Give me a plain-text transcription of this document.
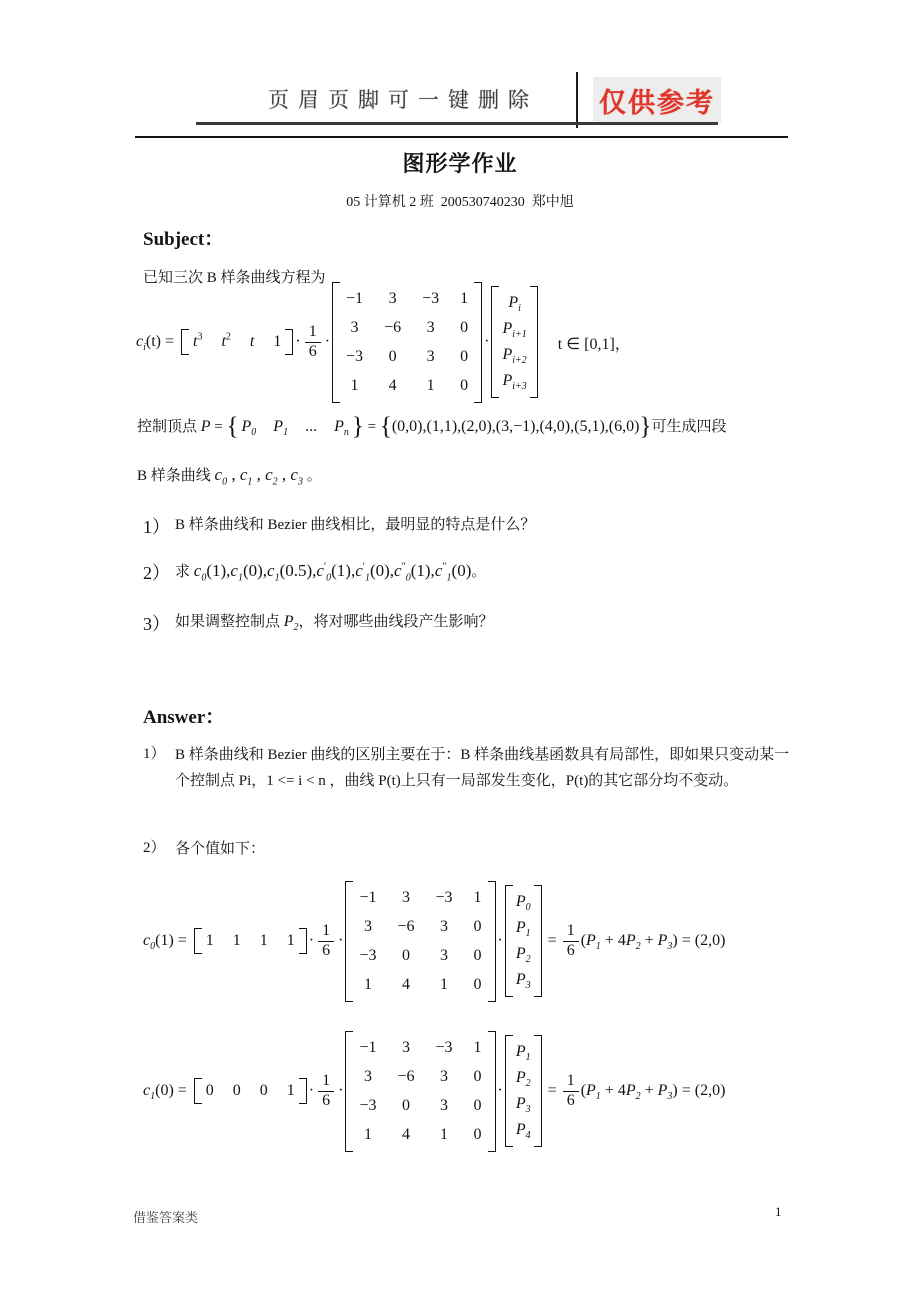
页眉页脚可一键删除 仅供参考
图形学作业
05 计算机 2 班  200530740230  郑中旭
Subject：
已知三次 B 样条曲线方程为
$c_i(t) = t^3$ $t^2$ t $1 \cdot \frac{1}{6}$ ·
−1 3 −3 1
3 −6 3 0
−3 0 3 0
1 4 1 0
·
$P_i$
$P_{i+1}$
$P_{i+2}$
$P_{i+3}$
t ∈ [0,1]，
控制顶点 P = { $P_0$ $P_1$ ... $P_n$ } = {(0,0),(1,1),(2,0),(3,−1),(4,0),(5,1),(6,0)}可生成四段
B 样条曲线 $c_0$ , $c_1$ , $c_2$ , $c_3$ 。
1） B 样条曲线和 Bezier 曲线相比，最明显的特点是什么？
2） 求 $c_0(1),c_1(0),c_1(0.5),c'_0(1),c'_1(0),c''_0(1),c''_1(0)$。
3） 如果调整控制点 $P_2$，将对哪些曲线段产生影响？
Answer：
1） B 样条曲线和 Bezier 曲线的区别主要在于：B 样条曲线基函数具有局部性，即如果只变动某一个控制点 Pi，1 <= i < n ，曲线 P(t)上只有一局部发生变化，P(t)的其它部分均不变动。
2） 各个值如下：
$c_0(1) = 1$ 1 1 $1 \cdot \frac{1}{6}$ ·
−1 3 −3 1
3 −6 3 0
−3 0 3 0
1 4 1 0
·
$P_0$
$P_1$
$P_2$
$P_3$
= $\frac{1}{6} (P_1 + 4P_2 + P_3) = (2,0)$
$c_1(0) = 0$ 0 0 $1 \cdot \frac{1}{6}$ ·
−1 3 −3 1
3 −6 3 0
−3 0 3 0
1 4 1 0
·
$P_1$
$P_2$
$P_3$
$P_4$
= $\frac{1}{6} (P_1 + 4P_2 + P_3) = (2,0)$
借鉴答案类	1
